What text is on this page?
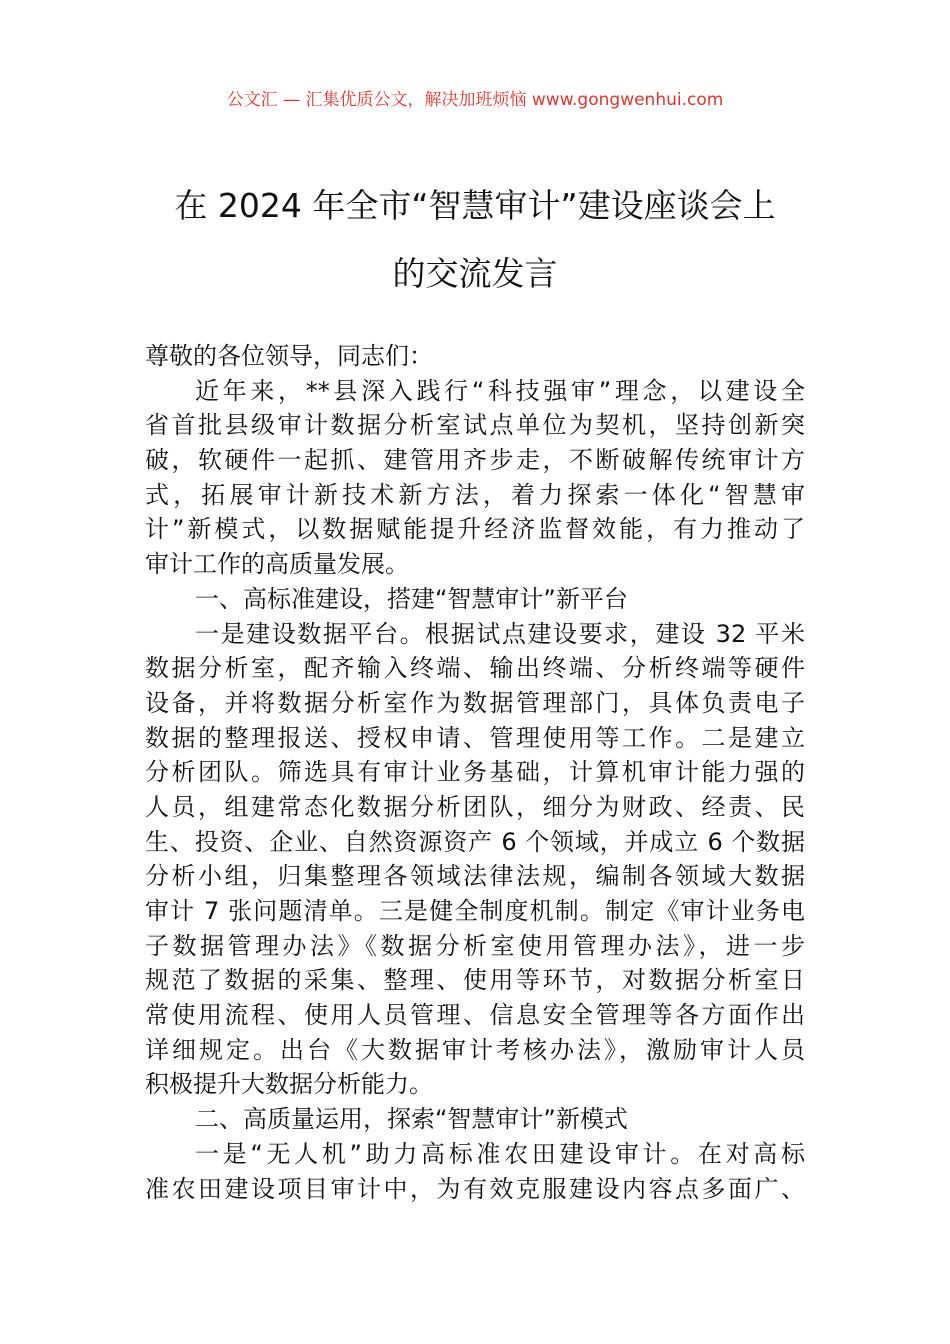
公文汇 — 汇集优质公文，解决加班烦恼 www.gongwenhui.com
在 2024 年全市“智慧审计”建设座谈会上
的交流发言
尊敬的各位领导，同志们：
近年来，**县深入践行“科技强审”理念，以建设全
省首批县级审计数据分析室试点单位为契机，坚持创新突
破，软硬件一起抓、建管用齐步走，不断破解传统审计方
式，拓展审计新技术新方法，着力探索一体化“智慧审
计”新模式，以数据赋能提升经济监督效能，有力推动了
审计工作的高质量发展。
一、高标准建设，搭建“智慧审计”新平台
一是建设数据平台。根据试点建设要求，建设 32 平米
数据分析室，配齐输入终端、输出终端、分析终端等硬件
设备，并将数据分析室作为数据管理部门，具体负责电子
数据的整理报送、授权申请、管理使用等工作。二是建立
分析团队。筛选具有审计业务基础，计算机审计能力强的
人员，组建常态化数据分析团队，细分为财政、经责、民
生、投资、企业、自然资源资产 6 个领域，并成立 6 个数据
分析小组，归集整理各领域法律法规，编制各领域大数据
审计 7 张问题清单。三是健全制度机制。制定《审计业务电
子数据管理办法》《数据分析室使用管理办法》，进一步
规范了数据的采集、整理、使用等环节，对数据分析室日
常使用流程、使用人员管理、信息安全管理等各方面作出
详细规定。出台《大数据审计考核办法》，激励审计人员
积极提升大数据分析能力。
二、高质量运用，探索“智慧审计”新模式
一是“无人机”助力高标准农田建设审计。在对高标
准农田建设项目审计中，为有效克服建设内容点多面广、
